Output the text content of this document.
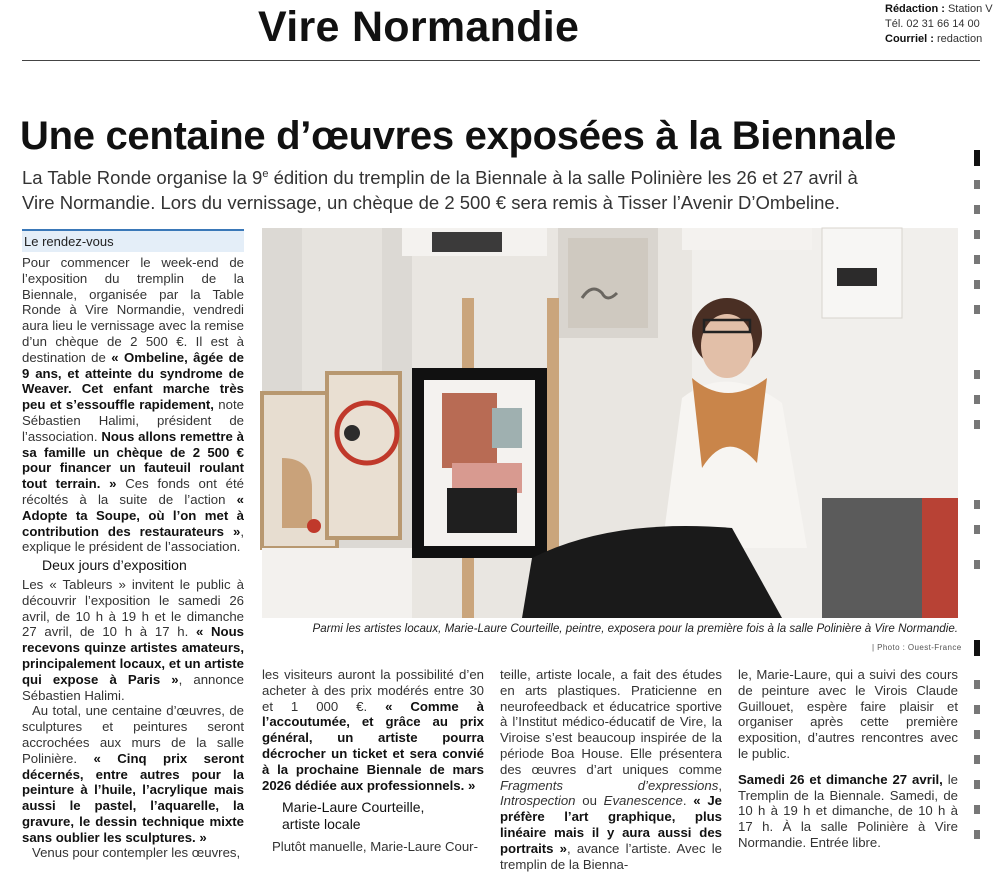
Vire Normandie	Rédaction : Station V
Tél. 02 31 66 14 00
Courriel : redaction
Une centaine d’œuvres exposées à la Biennale
La Table Ronde organise la 9e édition du tremplin de la Biennale à la salle Polinière les 26 et 27 avril à Vire Normandie. Lors du vernissage, un chèque de 2 500 € sera remis à Tisser l’Avenir D’Ombeline.
Le rendez-vous

Pour commencer le week-end de l’exposition du tremplin de la Biennale, organisée par la Table Ronde à Vire Normandie, vendredi aura lieu le vernissage avec la remise d’un chèque de 2 500 €. Il est à destination de « Ombeline, âgée de 9 ans, et atteinte du syndrome de Weaver. Cet enfant marche très peu et s’essouffle rapidement, note Sébastien Halimi, président de l’association. Nous allons remettre à sa famille un chèque de 2 500 € pour financer un fauteuil roulant tout terrain. » Ces fonds ont été récoltés à la suite de l’action « Adopte ta Soupe, où l’on met à contribution des restaurateurs », explique le président de l’association.

Deux jours d’exposition

Les « Tableurs » invitent le public à découvrir l’exposition le samedi 26 avril, de 10 h à 19 h et le dimanche 27 avril, de 10 h à 17 h. « Nous recevons quinze artistes amateurs, principalement locaux, et un artiste qui expose à Paris », annonce Sébastien Halimi.

Au total, une centaine d’œuvres, de sculptures et peintures seront accrochées aux murs de la salle Polinière. « Cinq prix seront décernés, entre autres pour la peinture à l’huile, l’acrylique mais aussi le pastel, l’aquarelle, la gravure, le dessin technique mixte sans oublier les sculptures. »

Venus pour contempler les œuvres,

Parmi les artistes locaux, Marie-Laure Courteille, peintre, exposera pour la première fois à la salle Polinière à Vire Normandie.
| Photo : Ouest-France

les visiteurs auront la possibilité d’en acheter à des prix modérés entre 30 et 1 000 €. « Comme à l’accoutumée, et grâce au prix général, un artiste pourra décrocher un ticket et sera convié à la prochaine Biennale de mars 2026 dédiée aux professionnels. »

Marie-Laure Courteille,
artiste locale

Plutôt manuelle, Marie-Laure Cour-

teille, artiste locale, a fait des études en arts plastiques. Praticienne en neurofeedback et éducatrice sportive à l’Institut médico-éducatif de Vire, la Viroise s’est beaucoup inspirée de la période Boa House. Elle présentera des œuvres d’art uniques comme Fragments d’expressions, Introspection ou Evanescence. « Je préfère l’art graphique, plus linéaire mais il y aura aussi des portraits », avance l’artiste. Avec le tremplin de la Bienna-

le, Marie-Laure, qui a suivi des cours de peinture avec le Virois Claude Guillouet, espère faire plaisir et organiser après cette première exposition, d’autres rencontres avec le public.

Samedi 26 et dimanche 27 avril, le Tremplin de la Biennale. Samedi, de 10 h à 19 h et dimanche, de 10 h à 17 h. À la salle Polinière à Vire Normandie. Entrée libre.
